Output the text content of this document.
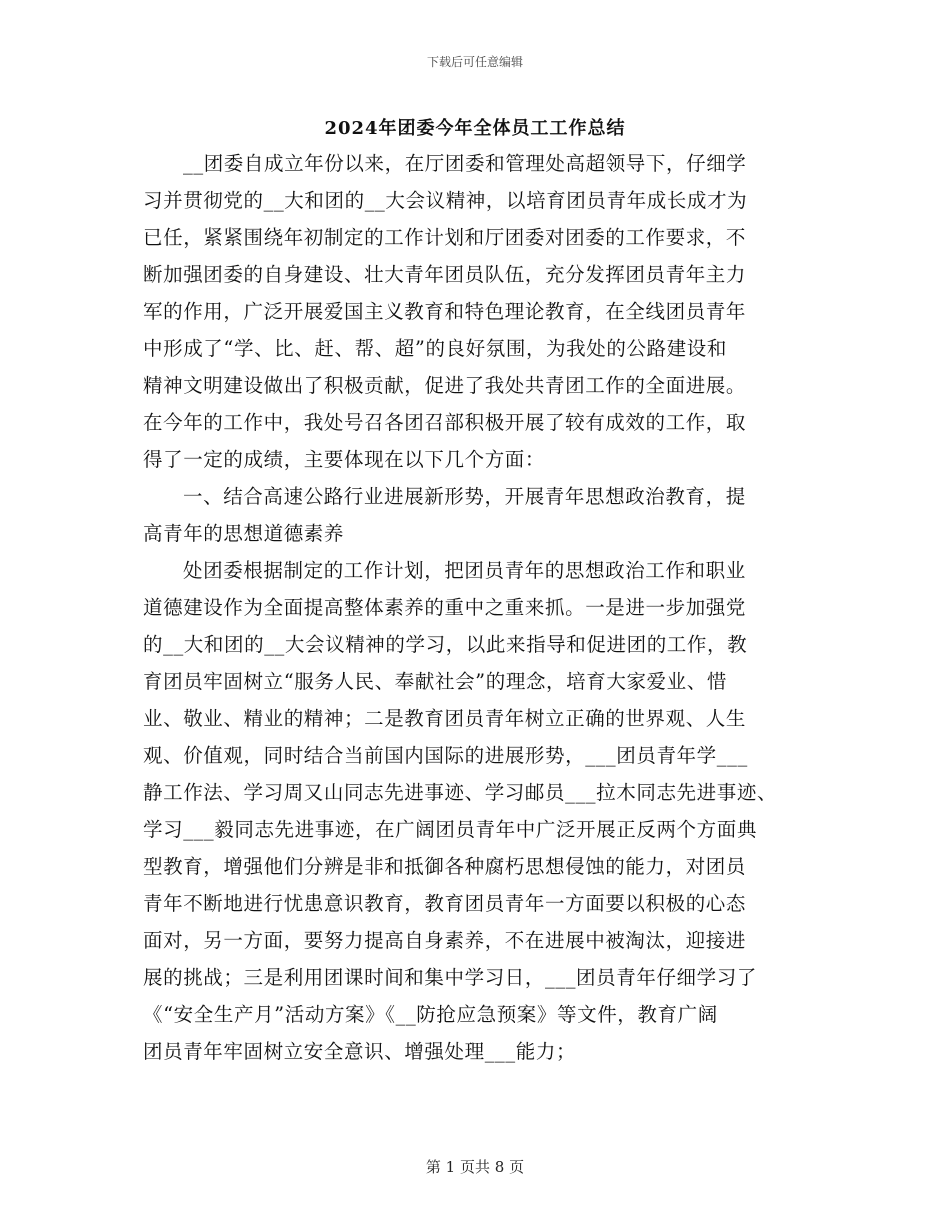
下载后可任意编辑
2024年团委今年全体员工工作总结
__团委自成立年份以来，在厅团委和管理处高超领导下，仔细学
习并贯彻党的__大和团的__大会议精神，以培育团员青年成长成才为
已任，紧紧围绕年初制定的工作计划和厅团委对团委的工作要求，不
断加强团委的自身建设、壮大青年团员队伍，充分发挥团员青年主力
军的作用，广泛开展爱国主义教育和特色理论教育，在全线团员青年
中形成了“学、比、赶、帮、超”的良好氛围，为我处的公路建设和
精神文明建设做出了积极贡献，促进了我处共青团工作的全面进展。
在今年的工作中，我处号召各团召部积极开展了较有成效的工作，取
得了一定的成绩，主要体现在以下几个方面：
一、结合高速公路行业进展新形势，开展青年思想政治教育，提
高青年的思想道德素养
处团委根据制定的工作计划，把团员青年的思想政治工作和职业
道德建设作为全面提高整体素养的重中之重来抓。一是进一步加强党
的__大和团的__大会议精神的学习，以此来指导和促进团的工作，教
育团员牢固树立“服务人民、奉献社会”的理念，培育大家爱业、惜
业、敬业、精业的精神；二是教育团员青年树立正确的世界观、人生
观、价值观，同时结合当前国内国际的进展形势，___团员青年学___
静工作法、学习周又山同志先进事迹、学习邮员___拉木同志先进事迹、
学习___毅同志先进事迹，在广阔团员青年中广泛开展正反两个方面典
型教育，增强他们分辨是非和抵御各种腐朽思想侵蚀的能力，对团员
青年不断地进行忧患意识教育，教育团员青年一方面要以积极的心态
面对，另一方面，要努力提高自身素养，不在进展中被淘汰，迎接进
展的挑战；三是利用团课时间和集中学习日，___团员青年仔细学习了
《“安全生产月”活动方案》《__防抢应急预案》等文件，教育广阔
团员青年牢固树立安全意识、增强处理___能力；
第 1 页共 8 页
